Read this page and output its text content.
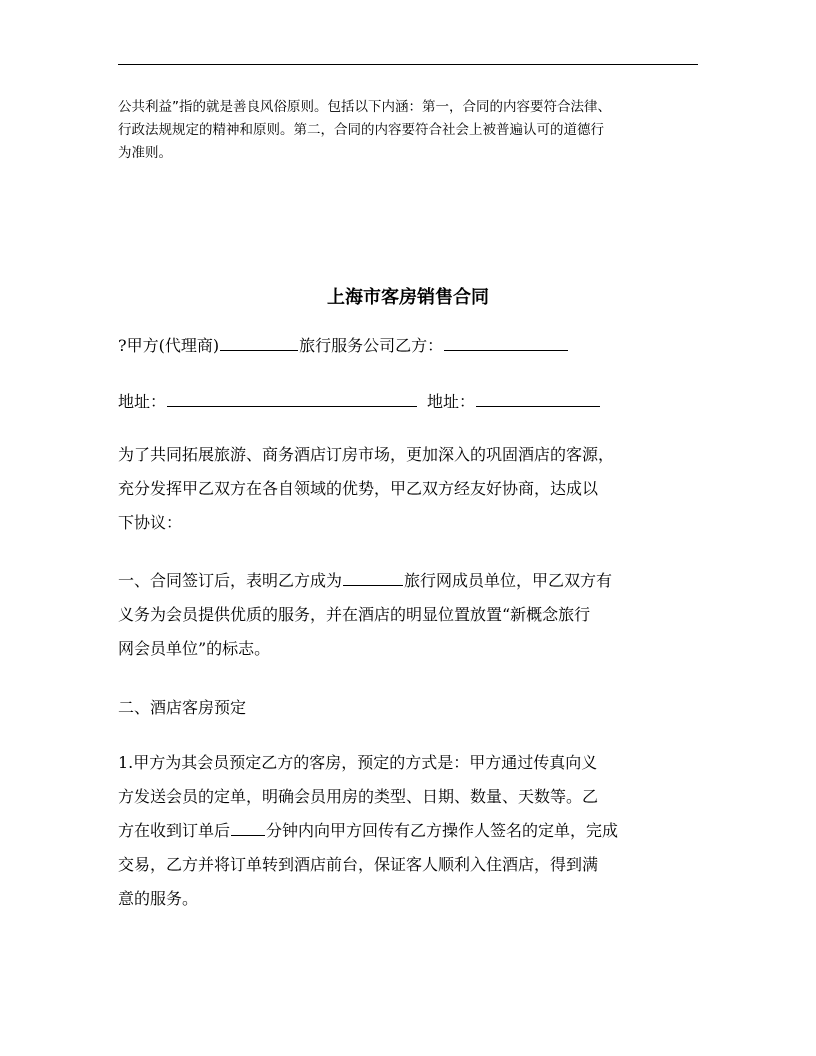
公共利益”指的就是善良风俗原则。包括以下内涵：第一，合同的内容要符合法律、
行政法规规定的精神和原则。第二，合同的内容要符合社会上被普遍认可的道德行
为准则。
上海市客房销售合同
?甲方(代理商)	旅行服务公司乙方：
地址：	地址：
为了共同拓展旅游、商务酒店订房市场，更加深入的巩固酒店的客源，
充分发挥甲乙双方在各自领域的优势，甲乙双方经友好协商，达成以
下协议：
一、合同签订后，表明乙方成为	旅行网成员单位，甲乙双方有
义务为会员提供优质的服务，并在酒店的明显位置放置“新概念旅行
网会员单位”的标志。
二、酒店客房预定
1.甲方为其会员预定乙方的客房，预定的方式是：甲方通过传真向义
方发送会员的定单，明确会员用房的类型、日期、数量、天数等。乙
方在收到订单后 分钟内向甲方回传有乙方操作人签名的定单，完成
交易，乙方并将订单转到酒店前台，保证客人顺利入住酒店，得到满
意的服务。
